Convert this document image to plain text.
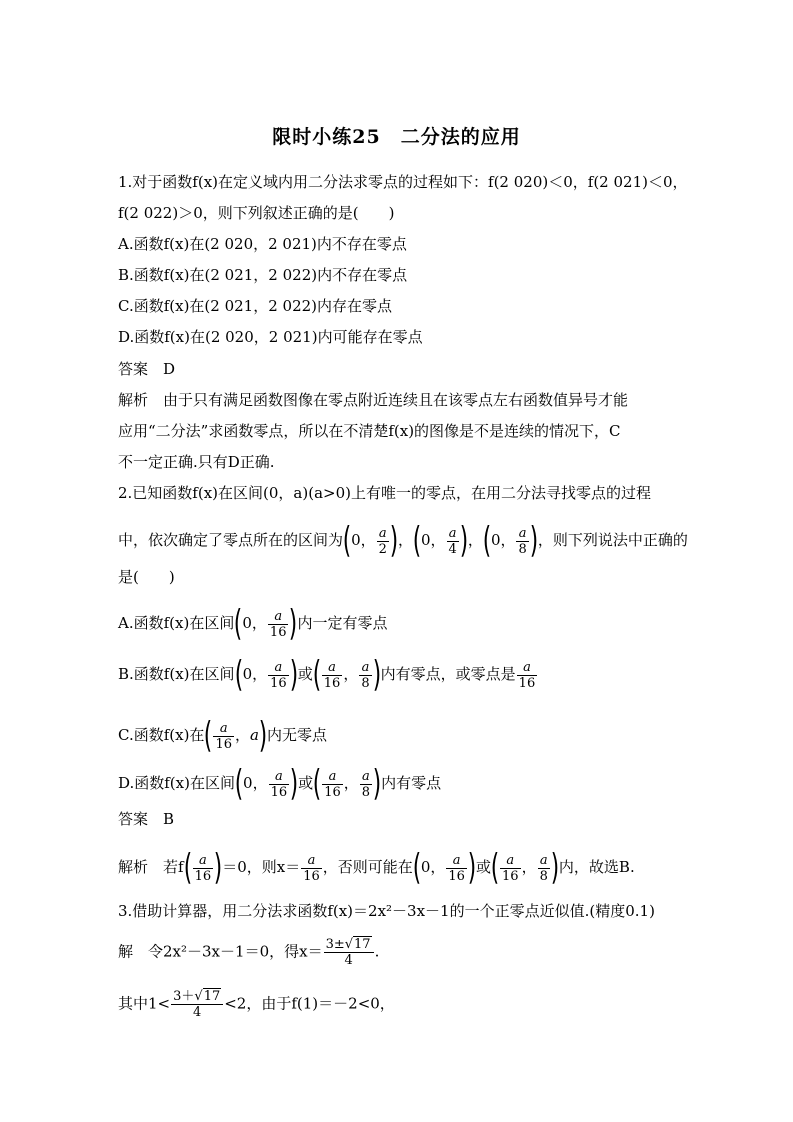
限时小练25　二分法的应用
1.对于函数f(x)在定义域内用二分法求零点的过程如下：f(2 020)＜0，f(2 021)＜0，
f(2 022)＞0，则下列叙述正确的是(　　)
A.函数f(x)在(2 020，2 021)内不存在零点
B.函数f(x)在(2 021，2 022)内不存在零点
C.函数f(x)在(2 021，2 022)内存在零点
D.函数f(x)在(2 020，2 021)内可能存在零点
答案　D
解析　由于只有满足函数图像在零点附近连续且在该零点左右函数值异号才能
应用“二分法”求函数零点，所以在不清楚f(x)的图像是不是连续的情况下，C
不一定正确.只有D正确.
2.已知函数f(x)在区间(0，a)(a>0)上有唯一的零点，在用二分法寻找零点的过程
中，依次确定了零点所在的区间为(0， $\frac{a}{2}$ )，(0， $\frac{a}{4}$ )，(0， $\frac{a}{8}$ )，则下列说法中正确的
是(　　)
A.函数f(x)在区间(0， $\frac{a}{16}$ )内一定有零点
B.函数f(x)在区间(0， $\frac{a}{16}$ )或( $\frac{a}{16}$ ， $\frac{a}{8}$ )内有零点，或零点是 $\frac{a}{16}$
C.函数f(x)在( $\frac{a}{16}$ ，a)内无零点
D.函数f(x)在区间(0， $\frac{a}{16}$ )或( $\frac{a}{16}$ ， $\frac{a}{8}$ )内有零点
答案　B
解析　若$f( \frac{a}{16} )=0$，则$x= \frac{a}{16}$ ，否则可能在(0， $\frac{a}{16}$ )或( $\frac{a}{16}$ ， $\frac{a}{8}$ )内，故选B.
3.借助计算器，用二分法求函数f(x)＝2x²－3x－1的一个正零点近似值.(精度0.1)
解　令2x²－3x－1＝0，得$x= \frac{3\pm√17}{4}$ .
其中$1< \frac{3+√17}{4} <2$，由于f(1)＝－2<0，
